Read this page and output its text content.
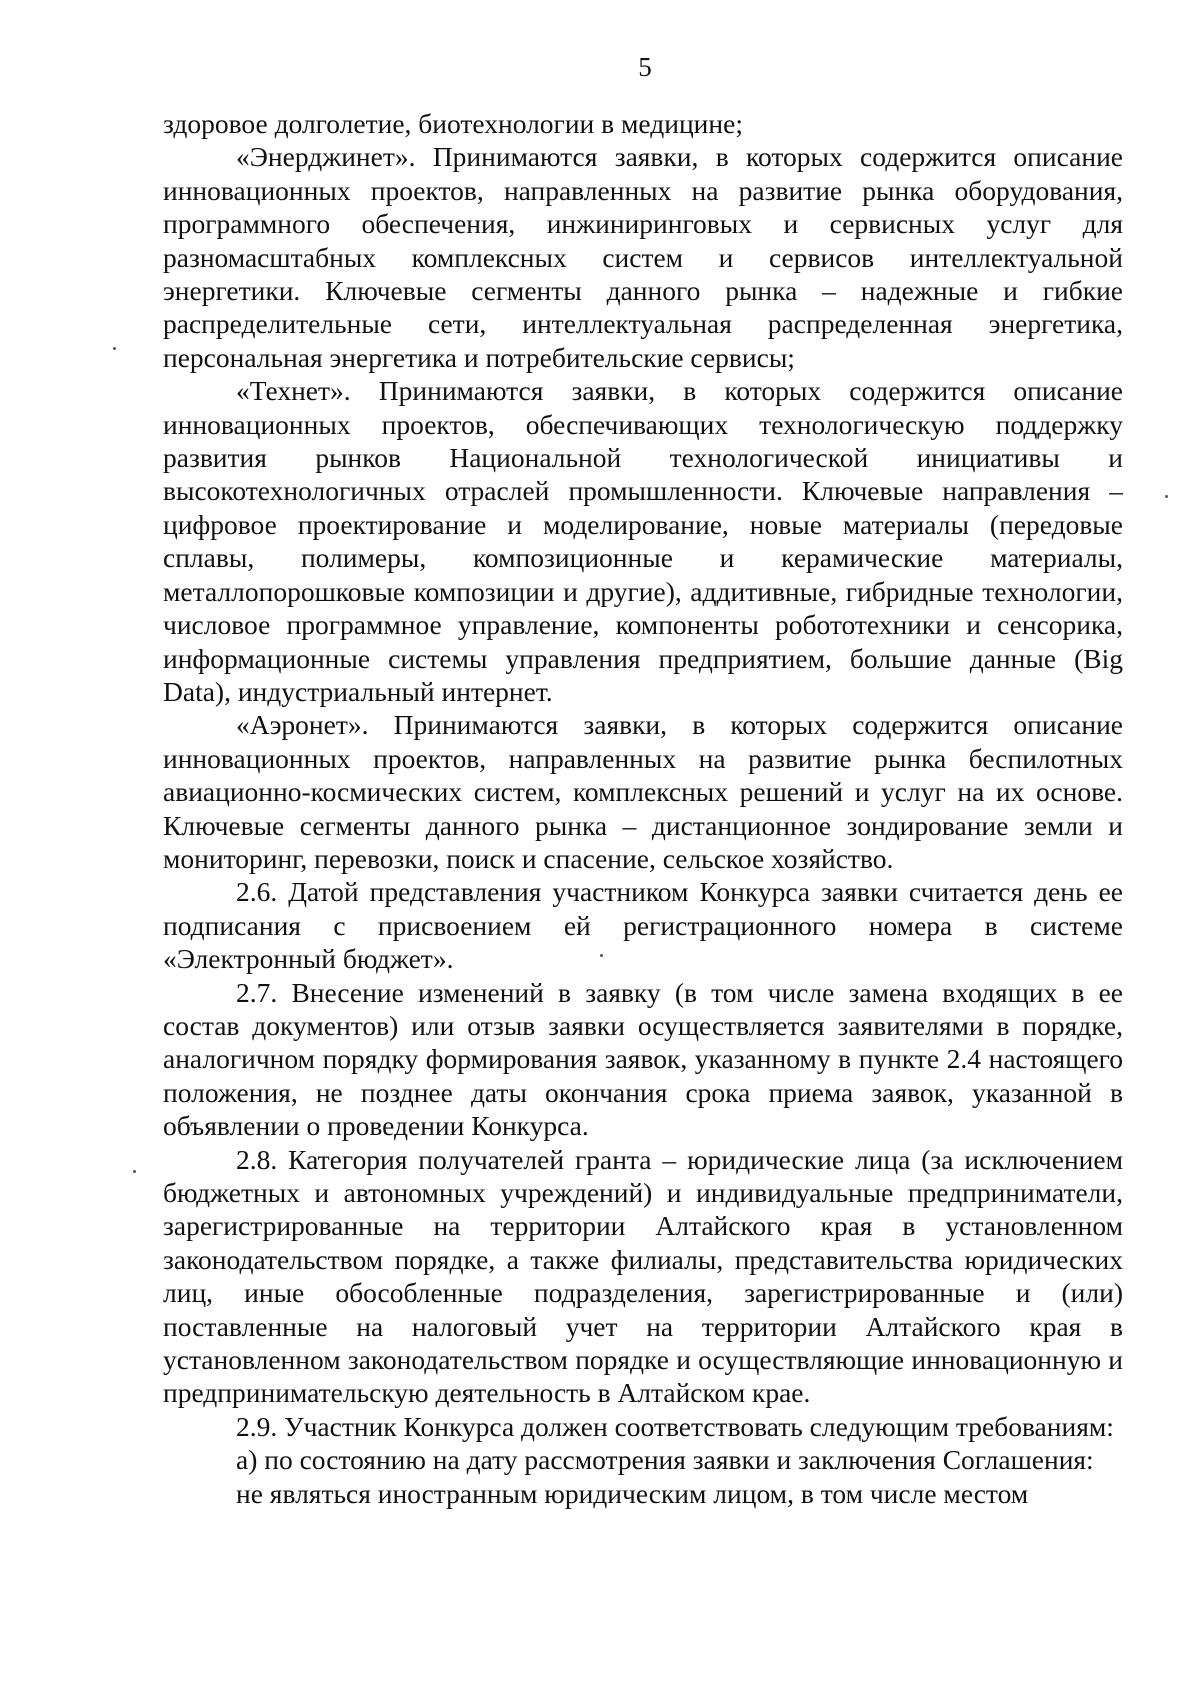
5

здоровое долголетие, биотехнологии в медицине;

«Энерджинет». Принимаются заявки, в которых содержится описание инновационных проектов, направленных на развитие рынка оборудования, программного обеспечения, инжиниринговых и сервисных услуг для разномасштабных комплексных систем и сервисов интеллектуальной энергетики. Ключевые сегменты данного рынка – надежные и гибкие распределительные сети, интеллектуальная распределенная энергетика, персональная энергетика и потребительские сервисы;

«Технет». Принимаются заявки, в которых содержится описание инновационных проектов, обеспечивающих технологическую поддержку развития рынков Национальной технологической инициативы и высокотехнологичных отраслей промышленности. Ключевые направления – цифровое проектирование и моделирование, новые материалы (передовые сплавы, полимеры, композиционные и керамические материалы, металлопорошковые композиции и другие), аддитивные, гибридные технологии, числовое программное управление, компоненты робототехники и сенсорика, информационные системы управления предприятием, большие данные (Big Data), индустриальный интернет.

«Аэронет». Принимаются заявки, в которых содержится описание инновационных проектов, направленных на развитие рынка беспилотных авиационно-космических систем, комплексных решений и услуг на их основе. Ключевые сегменты данного рынка – дистанционное зондирование земли и мониторинг, перевозки, поиск и спасение, сельское хозяйство.

2.6. Датой представления участником Конкурса заявки считается день ее подписания с присвоением ей регистрационного номера в системе «Электронный бюджет».

2.7. Внесение изменений в заявку (в том числе замена входящих в ее состав документов) или отзыв заявки осуществляется заявителями в порядке, аналогичном порядку формирования заявок, указанному в пункте 2.4 настоящего положения, не позднее даты окончания срока приема заявок, указанной в объявлении о проведении Конкурса.

2.8. Категория получателей гранта – юридические лица (за исключением бюджетных и автономных учреждений) и индивидуальные предприниматели, зарегистрированные на территории Алтайского края в установленном законодательством порядке, а также филиалы, представительства юридических лиц, иные обособленные подразделения, зарегистрированные и (или) поставленные на налоговый учет на территории Алтайского края в установленном законодательством порядке и осуществляющие инновационную и предпринимательскую деятельность в Алтайском крае.

2.9. Участник Конкурса должен соответствовать следующим требованиям:

а) по состоянию на дату рассмотрения заявки и заключения Соглашения:

не являться иностранным юридическим лицом, в том числе местом
